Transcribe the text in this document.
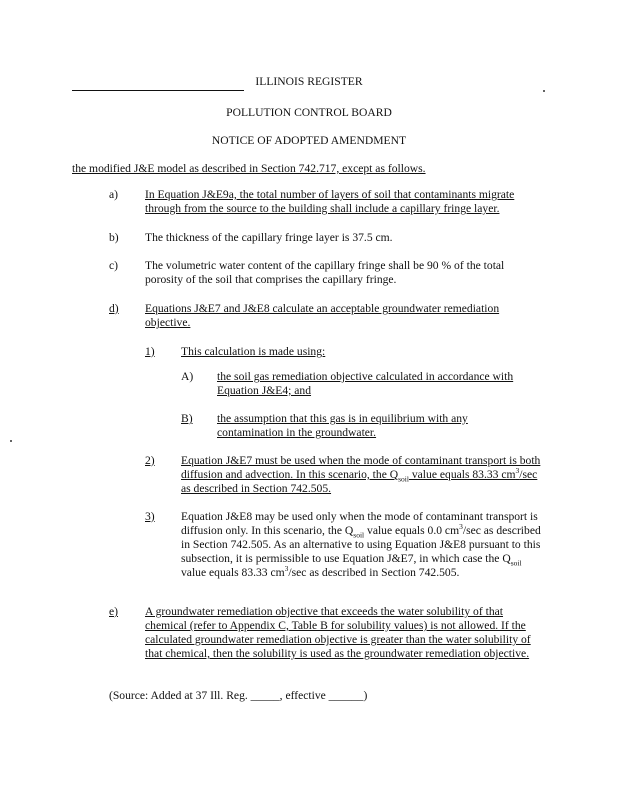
ILLINOIS REGISTER
POLLUTION CONTROL BOARD
NOTICE OF ADOPTED AMENDMENT
the modified J&E model as described in Section 742.717, except as follows.
a) In Equation J&E9a, the total number of layers of soil that contaminants migrate through from the source to the building shall include a capillary fringe layer.
b) The thickness of the capillary fringe layer is 37.5 cm.
c) The volumetric water content of the capillary fringe shall be 90 % of the total porosity of the soil that comprises the capillary fringe.
d) Equations J&E7 and J&E8 calculate an acceptable groundwater remediation objective.
1) This calculation is made using:
A) the soil gas remediation objective calculated in accordance with Equation J&E4; and
B) the assumption that this gas is in equilibrium with any contamination in the groundwater.
2) Equation J&E7 must be used when the mode of contaminant transport is both diffusion and advection. In this scenario, the $Q_{soil}$ value equals 83.33 $cm^3/\sec$ as described in Section 742.505.
3) Equation J&E8 may be used only when the mode of contaminant transport is diffusion only. In this scenario, the $Q_{soil}$ value equals 0.0 $cm^3/\sec$ as described in Section 742.505. As an alternative to using Equation J&E8 pursuant to this subsection, it is permissible to use Equation J&E7, in which case the $Q_{soil}$ value equals 83.33 $cm^3/\sec$ as described in Section 742.505.
e) A groundwater remediation objective that exceeds the water solubility of that chemical (refer to Appendix C, Table B for solubility values) is not allowed. If the calculated groundwater remediation objective is greater than the water solubility of that chemical, then the solubility is used as the groundwater remediation objective.
(Source: Added at 37 Ill. Reg. _____, effective ______)
